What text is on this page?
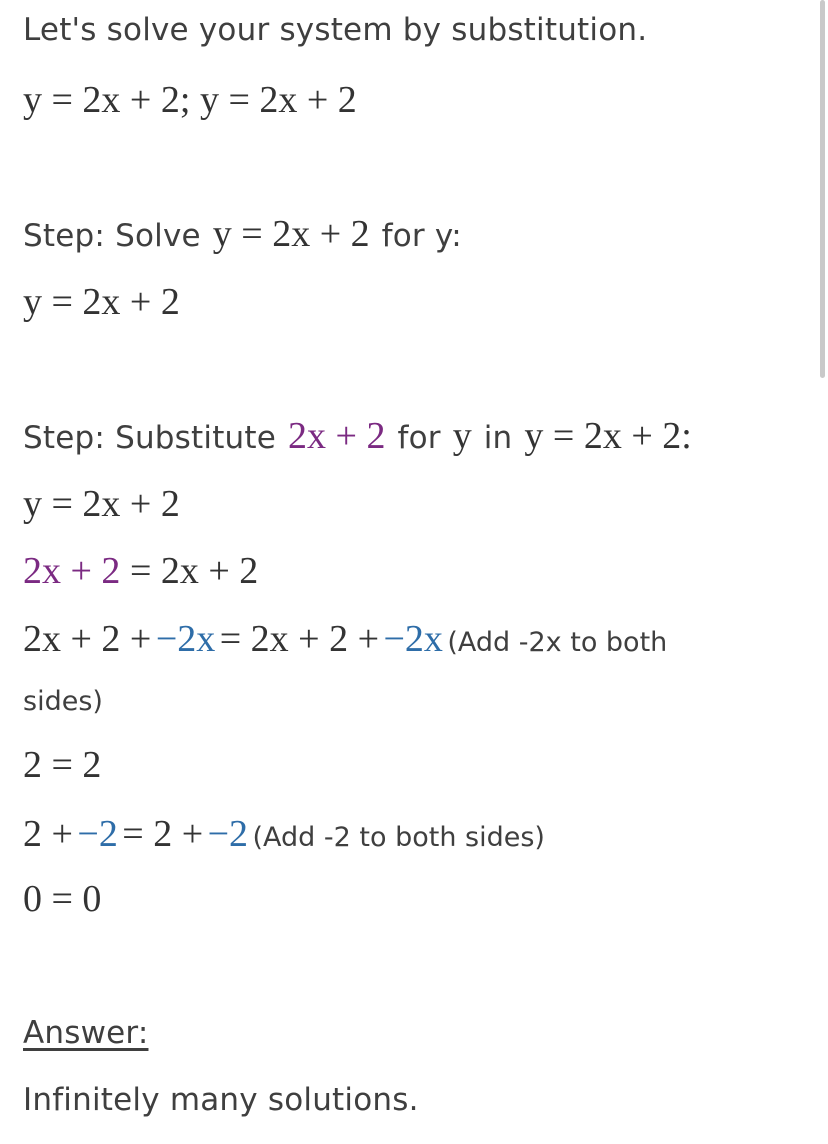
Let's solve your system by substitution.
y = 2x + 2; y = 2x + 2
Step: Solve y = 2x + 2 for y:
y = 2x + 2
Step: Substitute 2x + 2 for y in y = 2x + 2:
y = 2x + 2
2x + 2 = 2x + 2
2x + 2 + −2x = 2x + 2 + −2x (Add -2x to both
sides)
2 = 2
2 + −2 = 2 + −2 (Add -2 to both sides)
0 = 0
Answer:
Infinitely many solutions.
